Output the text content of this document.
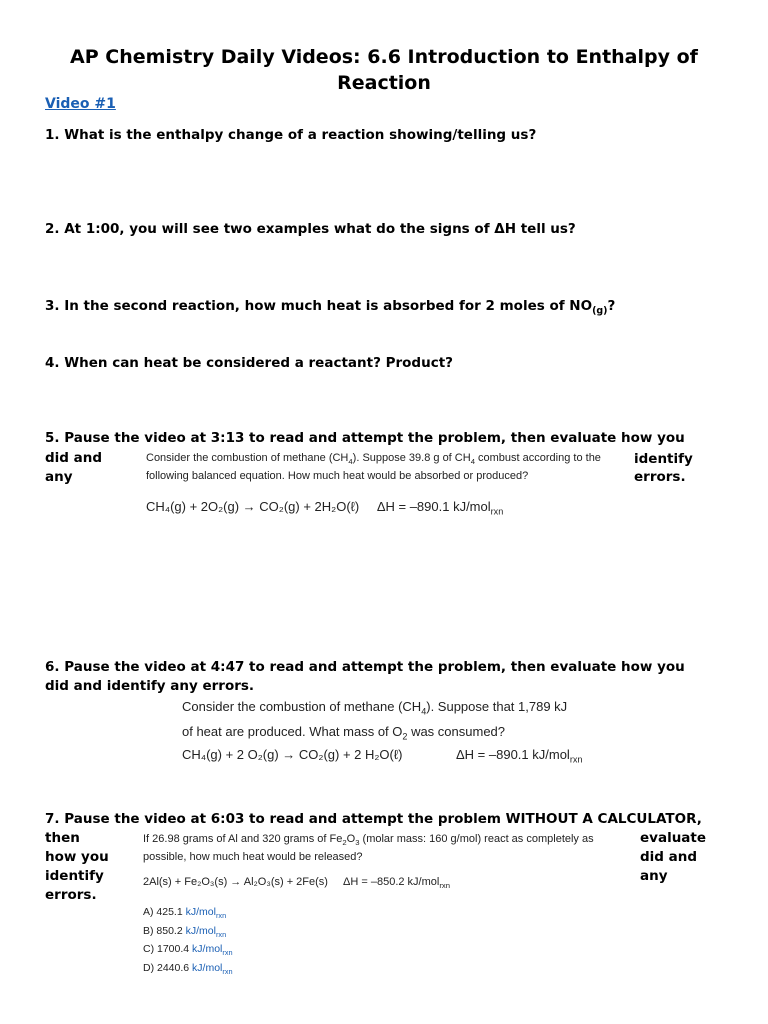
AP Chemistry Daily Videos: 6.6 Introduction to Enthalpy of
Reaction
Video #1
1. What is the enthalpy change of a reaction showing/telling us?
2. At 1:00, you will see two examples what do the signs of ΔH tell us?
3. In the second reaction, how much heat is absorbed for 2 moles of $NO_{(g)}$?
4. When can heat be considered a reactant? Product?
5. Pause the video at 3:13 to read and attempt the problem, then evaluate how you
did and
any
identify
errors.
Consider the combustion of methane $(CH_4)$. Suppose 39.8 g of $CH_4$ combust according to the
following balanced equation. How much heat would be absorbed or produced?
CH₄(g) + 2O₂(g) → CO₂(g) + 2H₂O(ℓ) ΔH = –890.1 kJ/mol$_{rxn}$
6. Pause the video at 4:47 to read and attempt the problem, then evaluate how you
did and identify any errors.
Consider the combustion of methane $(CH_4)$. Suppose that 1,789 kJ
of heat are produced. What mass of $O_2$ was consumed?
CH₄(g) + 2 O₂(g) → CO₂(g) + 2 H₂O(ℓ)	ΔH = –890.1 kJ/mol$_{rxn}$
7. Pause the video at 6:03 to read and attempt the problem WITHOUT A CALCULATOR,
then
how you
identify
errors.
evaluate
did and
any
If 26.98 grams of Al and 320 grams of $Fe_2O_3$ (molar mass: 160 g/mol) react as completely as
possible, how much heat would be released?
2Al(s) + Fe₂O₃(s) → Al₂O₃(s) + 2Fe(s) ΔH = –850.2 kJ/mol$_{rxn}$
A) 425.1 kJ/mol$_{rxn}$
B) 850.2 kJ/mol$_{rxn}$
C) 1700.4 kJ/mol$_{rxn}$
D) 2440.6 kJ/mol$_{rxn}$
